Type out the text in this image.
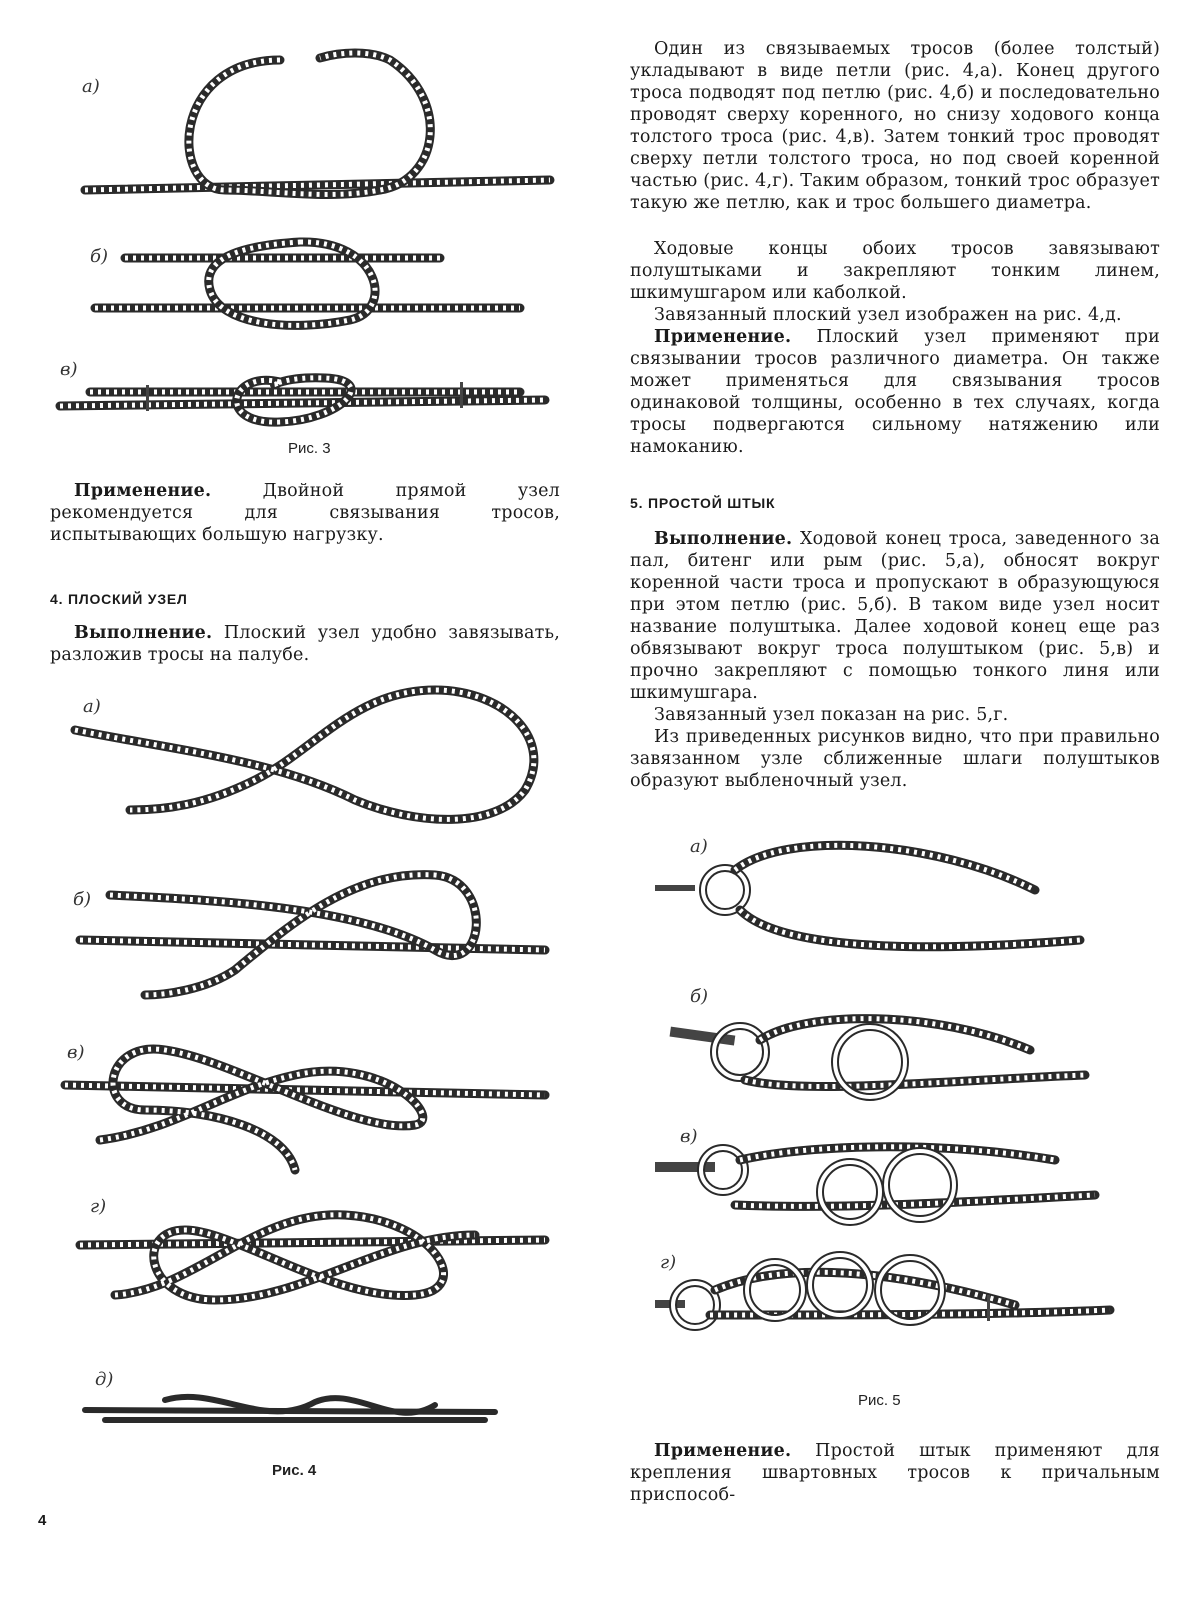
а)
б)
в)
Рис. 3
Применение. Двойной прямой узел рекомендуется для связывания тросов, испытывающих большую нагрузку.
4. ПЛОСКИЙ УЗЕЛ
Выполнение. Плоский узел удобно завязывать, разложив тросы на палубе.
а)
б)
в)
г)
д)
Рис. 4
4
Один из связываемых тросов (более толстый) укладывают в виде петли (рис. 4,а). Конец другого троса подводят под петлю (рис. 4,б) и последовательно проводят сверху коренного, но снизу ходового конца толстого троса (рис. 4,в). Затем тонкий трос проводят сверху петли толстого троса, но под своей коренной частью (рис. 4,г). Таким образом, тонкий трос образует такую же петлю, как и трос большего диаметра.
Ходовые концы обоих тросов завязывают полуштыками и закрепляют тонким линем, шкимушгаром или каболкой.
Завязанный плоский узел изображен на рис. 4,д.
Применение. Плоский узел применяют при связывании тросов различного диаметра. Он также может применяться для связывания тросов одинаковой толщины, особенно в тех случаях, когда тросы подвергаются сильному натяжению или намоканию.
5. ПРОСТОЙ ШТЫК
Выполнение. Ходовой конец троса, заведенного за пал, битенг или рым (рис. 5,а), обносят вокруг коренной части троса и пропускают в образующуюся при этом петлю (рис. 5,б). В таком виде узел носит название полуштыка. Далее ходовой конец еще раз обвязывают вокруг троса полуштыком (рис. 5,в) и прочно закрепляют с помощью тонкого линя или шкимушгара.
Завязанный узел показан на рис. 5,г.
Из приведенных рисунков видно, что при правильно завязанном узле сближенные шлаги полуштыков образуют выбленочный узел.
а)
б)
в)
г)
Рис. 5
Применение. Простой штык применяют для крепления швартовных тросов к причальным приспособ-
